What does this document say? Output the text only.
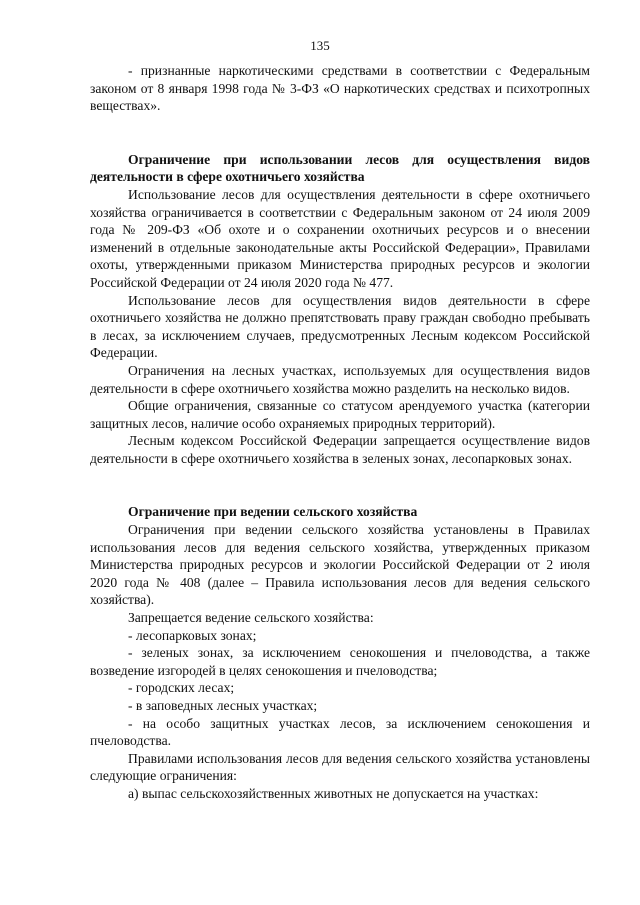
135

- признанные наркотическими средствами в соответствии с Федеральным законом от 8 января 1998 года № 3-ФЗ «О наркотических средствах и психотропных веществах».

Ограничение при использовании лесов для осуществления видов деятельности в сфере охотничьего хозяйства

Использование лесов для осуществления деятельности в сфере охотничьего хозяйства ограничивается в соответствии с Федеральным законом от 24 июля 2009 года № 209-ФЗ «Об охоте и о сохранении охотничьих ресурсов и о внесении изменений в отдельные законодательные акты Российской Федерации», Правилами охоты, утвержденными приказом Министерства природных ресурсов и экологии Российской Федерации от 24 июля 2020 года № 477.

Использование лесов для осуществления видов деятельности в сфере охотничьего хозяйства не должно препятствовать праву граждан свободно пребывать в лесах, за исключением случаев, предусмотренных Лесным кодексом Российской Федерации.

Ограничения на лесных участках, используемых для осуществления видов деятельности в сфере охотничьего хозяйства можно разделить на несколько видов.

Общие ограничения, связанные со статусом арендуемого участка (категории защитных лесов, наличие особо охраняемых природных территорий).

Лесным кодексом Российской Федерации запрещается осуществление видов деятельности в сфере охотничьего хозяйства в зеленых зонах, лесопарковых зонах.

Ограничение при ведении сельского хозяйства

Ограничения при ведении сельского хозяйства установлены в Правилах использования лесов для ведения сельского хозяйства, утвержденных приказом Министерства природных ресурсов и экологии Российской Федерации от 2 июля 2020 года № 408 (далее – Правила использования лесов для ведения сельского хозяйства).

Запрещается ведение сельского хозяйства:

- лесопарковых зонах;

- зеленых зонах, за исключением сенокошения и пчеловодства, а также возведение изгородей в целях сенокошения и пчеловодства;

- городских лесах;

- в заповедных лесных участках;

- на особо защитных участках лесов, за исключением сенокошения и пчеловодства.

Правилами использования лесов для ведения сельского хозяйства установлены следующие ограничения:

а) выпас сельскохозяйственных животных не допускается на участках:
